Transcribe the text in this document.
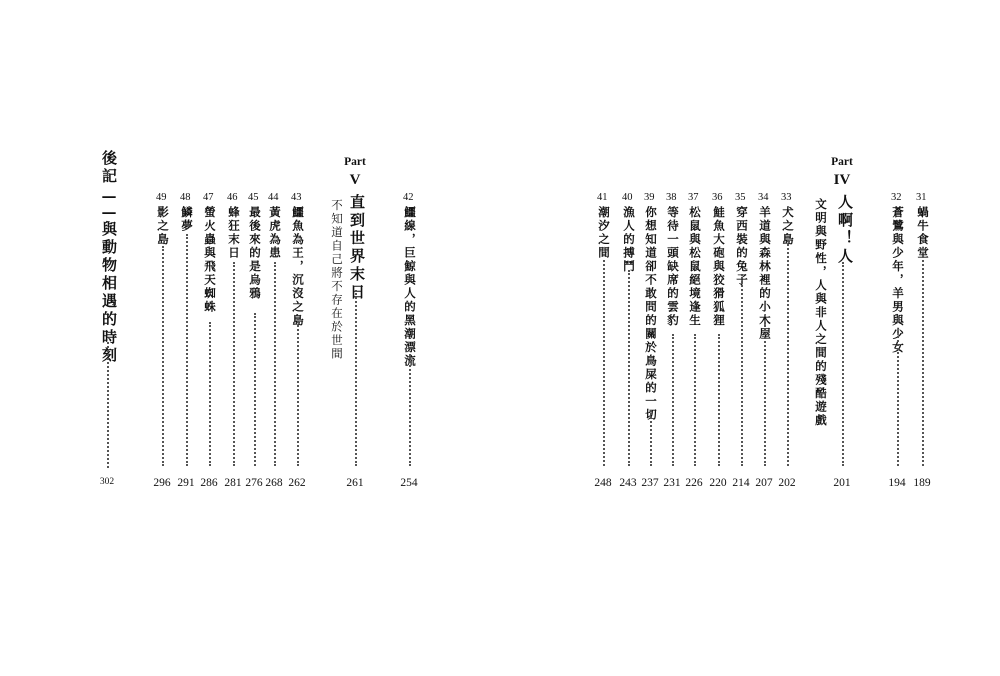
後記
——
與動物相遇的時刻
302
49
影之島
296
48
鱗夢
291
47
螢火蟲與飛天蜘蛛
286
46
蜂狂末日
281
45
最後來的是烏鴉
276
44
黃虎為患
268
43
鱷魚為王，沉沒之島
262
Part
V
直到世界末日
不知道自己將不存在於世間
261
42
鱷線，巨鯨與人的黑潮漂流
254
41
潮汐之間
248
40
漁人的搏鬥
243
39
你想知道卻不敢問的關於鳥屎的一切
237
38
等待一頭缺席的雲豹
231
37
松鼠與松鼠絕境逢生
226
36
鮭魚大砲與狡猾狐狸
220
35
穿西裝的兔子
214
34
羊道與森林裡的小木屋
207
33
犬之島
202
Part
IV
人啊！人
文明與野性，人與非人之間的殘酷遊戲
201
32
蒼鷺與少年，羊男與少女
194
31
蝸牛食堂
189
